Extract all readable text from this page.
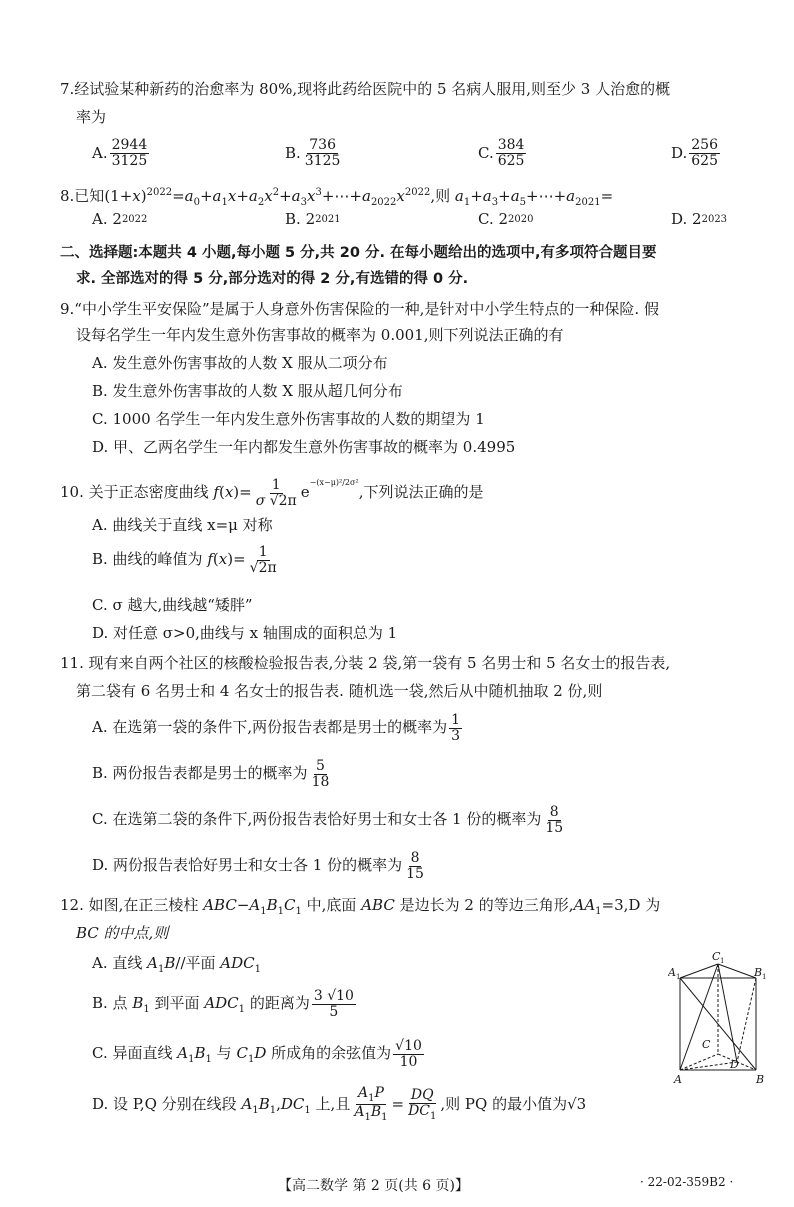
7.经试验某种新药的治愈率为 80%,现将此药给医院中的 5 名病人服用,则至少 3 人治愈的概
率为
A. $\frac{2944}{3125}$	B. $\frac{736}{3125}$	C. $\frac{384}{625}$	D. $\frac{256}{625}$
8.已知$(1+x)^{2022}=a_0+a_1x+a_2x^2+a_3x^3+\cdots+a_{2022}x^{2022}$,则 $a_1+a_3+a_5+\cdots+a_{2021}=$
A.
2 2022	B.
2 2021	C.
2 2020	D.
2 2023
二、选择题:本题共 4 小题,每小题 5 分,共 20 分. 在每小题给出的选项中,有多项符合题目要
求. 全部选对的得 5 分,部分选对的得 2 分,有选错的得 0 分.
9.“中小学生平安保险”是属于人身意外伤害保险的一种,是针对中小学生特点的一种保险. 假
设每名学生一年内发生意外伤害事故的概率为 0.001,则下列说法正确的有
A. 发生意外伤害事故的人数 X 服从二项分布
B. 发生意外伤害事故的人数 X 服从超几何分布
C. 1000 名学生一年内发生意外伤害事故的人数的期望为 1
D. 甲、乙两名学生一年内都发生意外伤害事故的概率为 0.4995
10. 关于正态密度曲线 $f(x)= \frac{1}{\sigma √2\pi} e^{-(x-\mu)^2/2\sigma^2}$,下列说法正确的是
A. 曲线关于直线 x=μ 对称
B. 曲线的峰值为 $f(x)= \frac{1}{√2\pi}$
C. σ 越大,曲线越“矮胖”
D. 对任意 σ>0,曲线与 x 轴围成的面积总为 1
11. 现有来自两个社区的核酸检验报告表,分装 2 袋,第一袋有 5 名男士和 5 名女士的报告表,
第二袋有 6 名男士和 4 名女士的报告表. 随机选一袋,然后从中随机抽取 2 份,则
A. 在选第一袋的条件下,两份报告表都是男士的概率为 $\frac{1}{3}$
B. 两份报告表都是男士的概率为 $\frac{5}{18}$
C. 在选第二袋的条件下,两份报告表恰好男士和女士各 1 份的概率为 $\frac{8}{15}$
D. 两份报告表恰好男士和女士各 1 份的概率为 $\frac{8}{15}$
12. 如图,在正三棱柱 $ABC-A_1B_1C_1$ 中,底面 ABC 是边长为 2 的等边三角形$,AA_1=3,D$ 为
BC 的中点,则
A. 直线 $A_1B//$平面 $ADC_1$
B. 点 $B_1$ 到平面 $ADC_1$ 的距离为 $\frac{3 √10}{5}$
C. 异面直线 $A_1B_1$ 与 $C_1D$ 所成角的余弦值为 $\frac{√10}{10}$
D. 设 P,Q 分别在线段 $A_1B_1,DC_1$ 上,且 $\frac{A_1P}{A_1B_1} = \frac{DQ}{DC_1}$ ,则 PQ 的最小值为√3
A
C
B
C
D
A	B
1
1
1
【高二数学 第 2 页(共 6 页)】	· 22-02-359B2 ·
